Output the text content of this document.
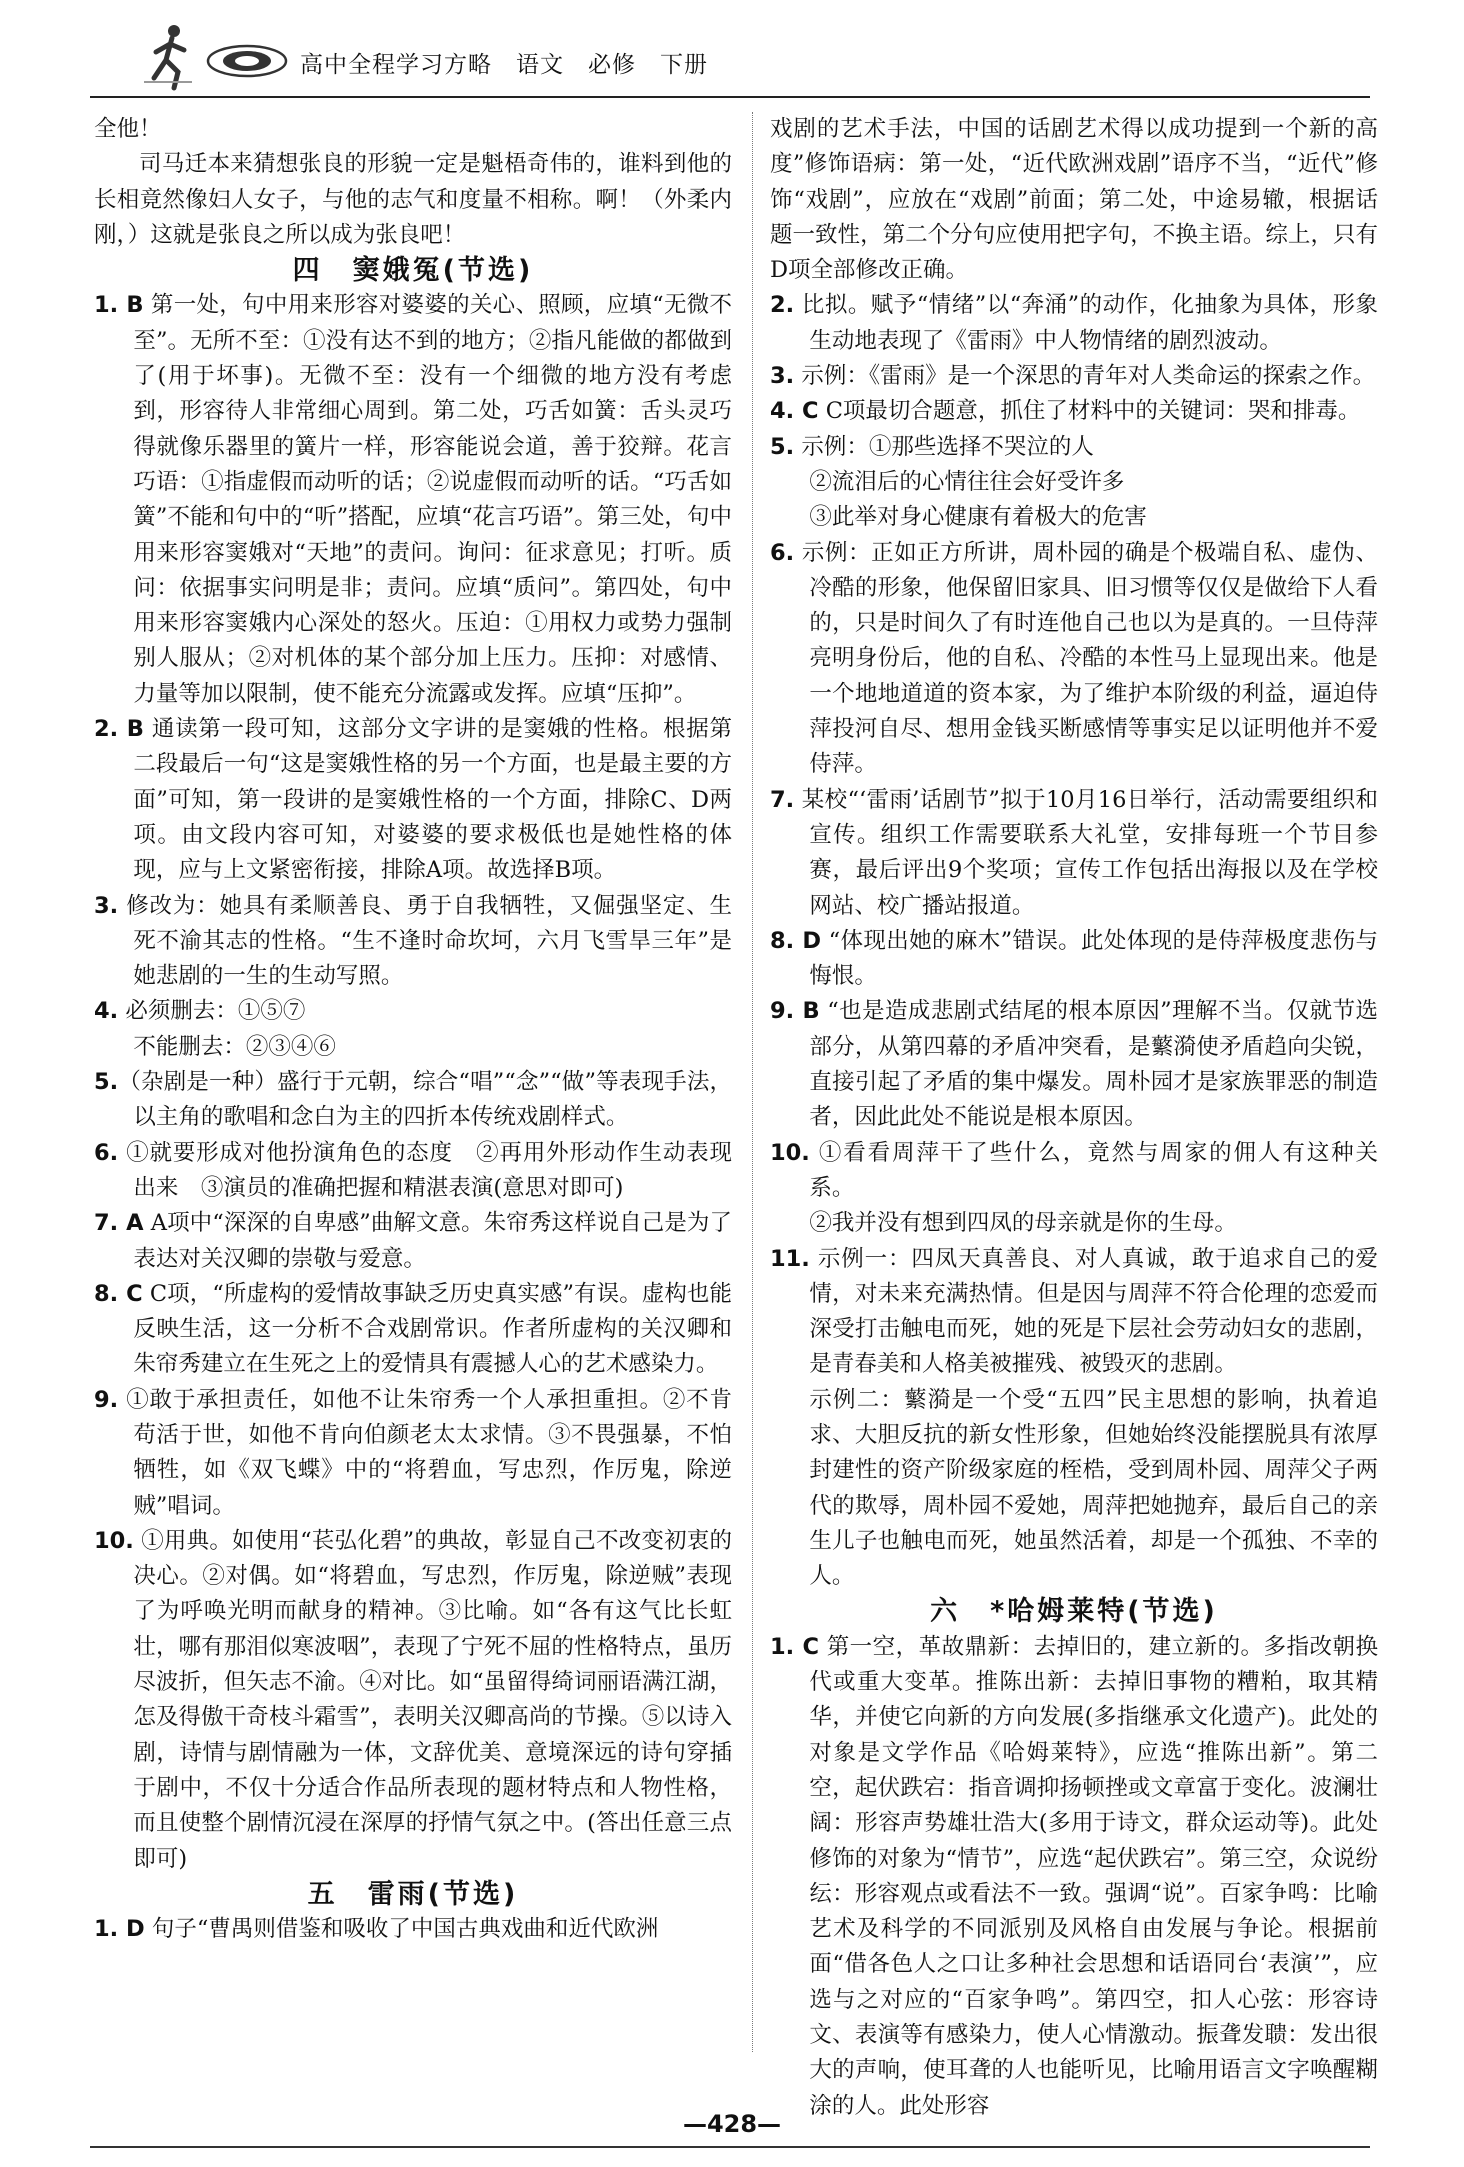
高中全程学习方略　语文　必修　下册

全他！

司马迁本来猜想张良的形貌一定是魁梧奇伟的，谁料到他的长相竟然像妇人女子，与他的志气和度量不相称。啊！（外柔内刚，）这就是张良之所以成为张良吧！

四　窦娥冤(节选)

1. B 第一处，句中用来形容对婆婆的关心、照顾，应填“无微不至”。无所不至：①没有达不到的地方；②指凡能做的都做到了(用于坏事)。无微不至：没有一个细微的地方没有考虑到，形容待人非常细心周到。第二处，巧舌如簧：舌头灵巧得就像乐器里的簧片一样，形容能说会道，善于狡辩。花言巧语：①指虚假而动听的话；②说虚假而动听的话。“巧舌如簧”不能和句中的“听”搭配，应填“花言巧语”。第三处，句中用来形容窦娥对“天地”的责问。询问：征求意见；打听。质问：依据事实问明是非；责问。应填“质问”。第四处，句中用来形容窦娥内心深处的怒火。压迫：①用权力或势力强制别人服从；②对机体的某个部分加上压力。压抑：对感情、力量等加以限制，使不能充分流露或发挥。应填“压抑”。

2. B 通读第一段可知，这部分文字讲的是窦娥的性格。根据第二段最后一句“这是窦娥性格的另一个方面，也是最主要的方面”可知，第一段讲的是窦娥性格的一个方面，排除C、D两项。由文段内容可知，对婆婆的要求极低也是她性格的体现，应与上文紧密衔接，排除A项。故选择B项。

3. 修改为：她具有柔顺善良、勇于自我牺牲，又倔强坚定、生死不渝其志的性格。“生不逢时命坎坷，六月飞雪旱三年”是她悲剧的一生的生动写照。

4. 必须删去：①⑤⑦

不能删去：②③④⑥

5.（杂剧是一种）盛行于元朝，综合“唱”“念”“做”等表现手法，以主角的歌唱和念白为主的四折本传统戏剧样式。

6. ①就要形成对他扮演角色的态度　②再用外形动作生动表现出来　③演员的准确把握和精湛表演(意思对即可)

7. A A项中“深深的自卑感”曲解文意。朱帘秀这样说自己是为了表达对关汉卿的崇敬与爱意。

8. C C项，“所虚构的爱情故事缺乏历史真实感”有误。虚构也能反映生活，这一分析不合戏剧常识。作者所虚构的关汉卿和朱帘秀建立在生死之上的爱情具有震撼人心的艺术感染力。

9. ①敢于承担责任，如他不让朱帘秀一个人承担重担。②不肯苟活于世，如他不肯向伯颜老太太求情。③不畏强暴，不怕牺牲，如《双飞蝶》中的“将碧血，写忠烈，作厉鬼，除逆贼”唱词。

10. ①用典。如使用“苌弘化碧”的典故，彰显自己不改变初衷的决心。②对偶。如“将碧血，写忠烈，作厉鬼，除逆贼”表现了为呼唤光明而献身的精神。③比喻。如“各有这气比长虹壮，哪有那泪似寒波咽”，表现了宁死不屈的性格特点，虽历尽波折，但矢志不渝。④对比。如“虽留得绮词丽语满江湖，怎及得傲干奇枝斗霜雪”，表明关汉卿高尚的节操。⑤以诗入剧，诗情与剧情融为一体，文辞优美、意境深远的诗句穿插于剧中，不仅十分适合作品所表现的题材特点和人物性格，而且使整个剧情沉浸在深厚的抒情气氛之中。(答出任意三点即可)

五　雷雨(节选)

1. D 句子“曹禺则借鉴和吸收了中国古典戏曲和近代欧洲

戏剧的艺术手法，中国的话剧艺术得以成功提到一个新的高度”修饰语病：第一处，“近代欧洲戏剧”语序不当，“近代”修饰“戏剧”，应放在“戏剧”前面；第二处，中途易辙，根据话题一致性，第二个分句应使用把字句，不换主语。综上，只有D项全部修改正确。

2. 比拟。赋予“情绪”以“奔涌”的动作，化抽象为具体，形象生动地表现了《雷雨》中人物情绪的剧烈波动。

3. 示例：《雷雨》是一个深思的青年对人类命运的探索之作。

4. C C项最切合题意，抓住了材料中的关键词：哭和排毒。

5. 示例：①那些选择不哭泣的人

②流泪后的心情往往会好受许多

③此举对身心健康有着极大的危害

6. 示例：正如正方所讲，周朴园的确是个极端自私、虚伪、冷酷的形象，他保留旧家具、旧习惯等仅仅是做给下人看的，只是时间久了有时连他自己也以为是真的。一旦侍萍亮明身份后，他的自私、冷酷的本性马上显现出来。他是一个地地道道的资本家，为了维护本阶级的利益，逼迫侍萍投河自尽、想用金钱买断感情等事实足以证明他并不爱侍萍。

7. 某校“‘雷雨’话剧节”拟于10月16日举行，活动需要组织和宣传。组织工作需要联系大礼堂，安排每班一个节目参赛，最后评出9个奖项；宣传工作包括出海报以及在学校网站、校广播站报道。

8. D “体现出她的麻木”错误。此处体现的是侍萍极度悲伤与悔恨。

9. B “也是造成悲剧式结尾的根本原因”理解不当。仅就节选部分，从第四幕的矛盾冲突看，是蘩漪使矛盾趋向尖锐，直接引起了矛盾的集中爆发。周朴园才是家族罪恶的制造者，因此此处不能说是根本原因。

10. ①看看周萍干了些什么，竟然与周家的佣人有这种关系。

②我并没有想到四凤的母亲就是你的生母。

11. 示例一：四凤天真善良、对人真诚，敢于追求自己的爱情，对未来充满热情。但是因与周萍不符合伦理的恋爱而深受打击触电而死，她的死是下层社会劳动妇女的悲剧，是青春美和人格美被摧残、被毁灭的悲剧。

示例二：蘩漪是一个受“五四”民主思想的影响，执着追求、大胆反抗的新女性形象，但她始终没能摆脱具有浓厚封建性的资产阶级家庭的桎梏，受到周朴园、周萍父子两代的欺辱，周朴园不爱她，周萍把她抛弃，最后自己的亲生儿子也触电而死，她虽然活着，却是一个孤独、不幸的人。

六　*哈姆莱特(节选)

1. C 第一空，革故鼎新：去掉旧的，建立新的。多指改朝换代或重大变革。推陈出新：去掉旧事物的糟粕，取其精华，并使它向新的方向发展(多指继承文化遗产)。此处的对象是文学作品《哈姆莱特》，应选“推陈出新”。第二空，起伏跌宕：指音调抑扬顿挫或文章富于变化。波澜壮阔：形容声势雄壮浩大(多用于诗文，群众运动等)。此处修饰的对象为“情节”，应选“起伏跌宕”。第三空，众说纷纭：形容观点或看法不一致。强调“说”。百家争鸣：比喻艺术及科学的不同派别及风格自由发展与争论。根据前面“借各色人之口让多种社会思想和话语同台‘表演’”，应选与之对应的“百家争鸣”。第四空，扣人心弦：形容诗文、表演等有感染力，使人心情激动。振聋发聩：发出很大的声响，使耳聋的人也能听见，比喻用语言文字唤醒糊涂的人。此处形容

—428—
